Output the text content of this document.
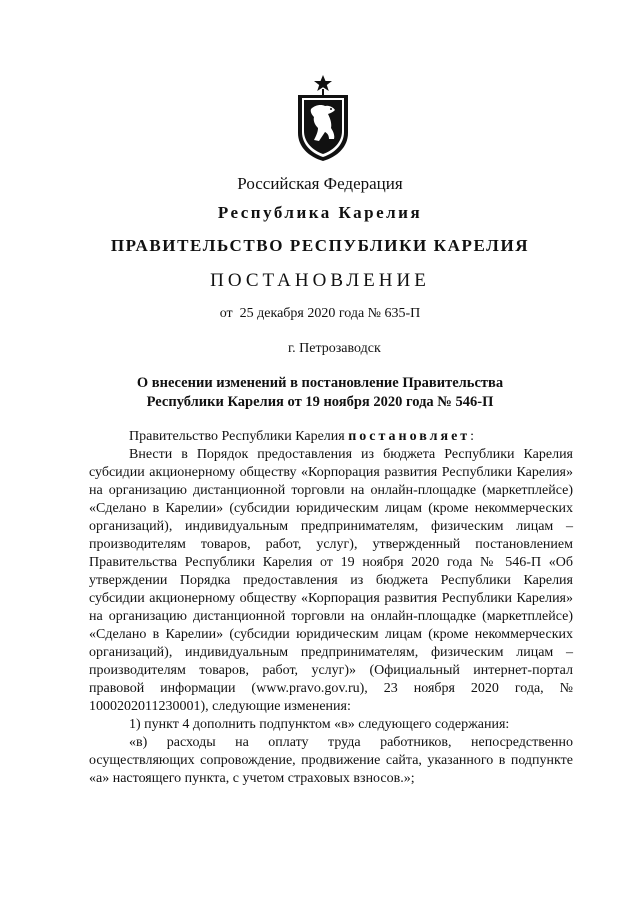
Российская Федерация
Республика Карелия
ПРАВИТЕЛЬСТВО РЕСПУБЛИКИ КАРЕЛИЯ
ПОСТАНОВЛЕНИЕ
от  25 декабря 2020 года № 635-П
г. Петрозаводск
О внесении изменений в постановление Правительства
Республики Карелия от 19 ноября 2020 года № 546-П

Правительство Республики Карелия постановляет:

Внести в Порядок предоставления из бюджета Республики Карелия субсидии акционерному обществу «Корпорация развития Республики Карелия» на организацию дистанционной торговли на онлайн-площадке (маркетплейсе) «Сделано в Карелии» (субсидии юридическим лицам (кроме некоммерческих организаций), индивидуальным предпринимателям, физическим лицам – производителям товаров, работ, услуг), утвержденный постановлением Правительства Республики Карелия от 19 ноября 2020 года № 546-П «Об утверждении Порядка предоставления из бюджета Республики Карелия субсидии акционерному обществу «Корпорация развития Республики Карелия» на организацию дистанционной торговли на онлайн-площадке (маркетплейсе) «Сделано в Карелии» (субсидии юридическим лицам (кроме некоммерческих организаций), индивидуальным предпринимателям, физическим лицам – производителям товаров, работ, услуг)» (Официальный интернет-портал правовой информации (www.pravo.gov.ru), 23 ноября 2020 года, № 1000202011230001), следующие изменения:

1) пункт 4 дополнить подпунктом «в» следующего содержания:

«в) расходы на оплату труда работников, непосредственно осуществляющих сопровождение, продвижение сайта, указанного в подпункте «а» настоящего пункта, с учетом страховых взносов.»;
